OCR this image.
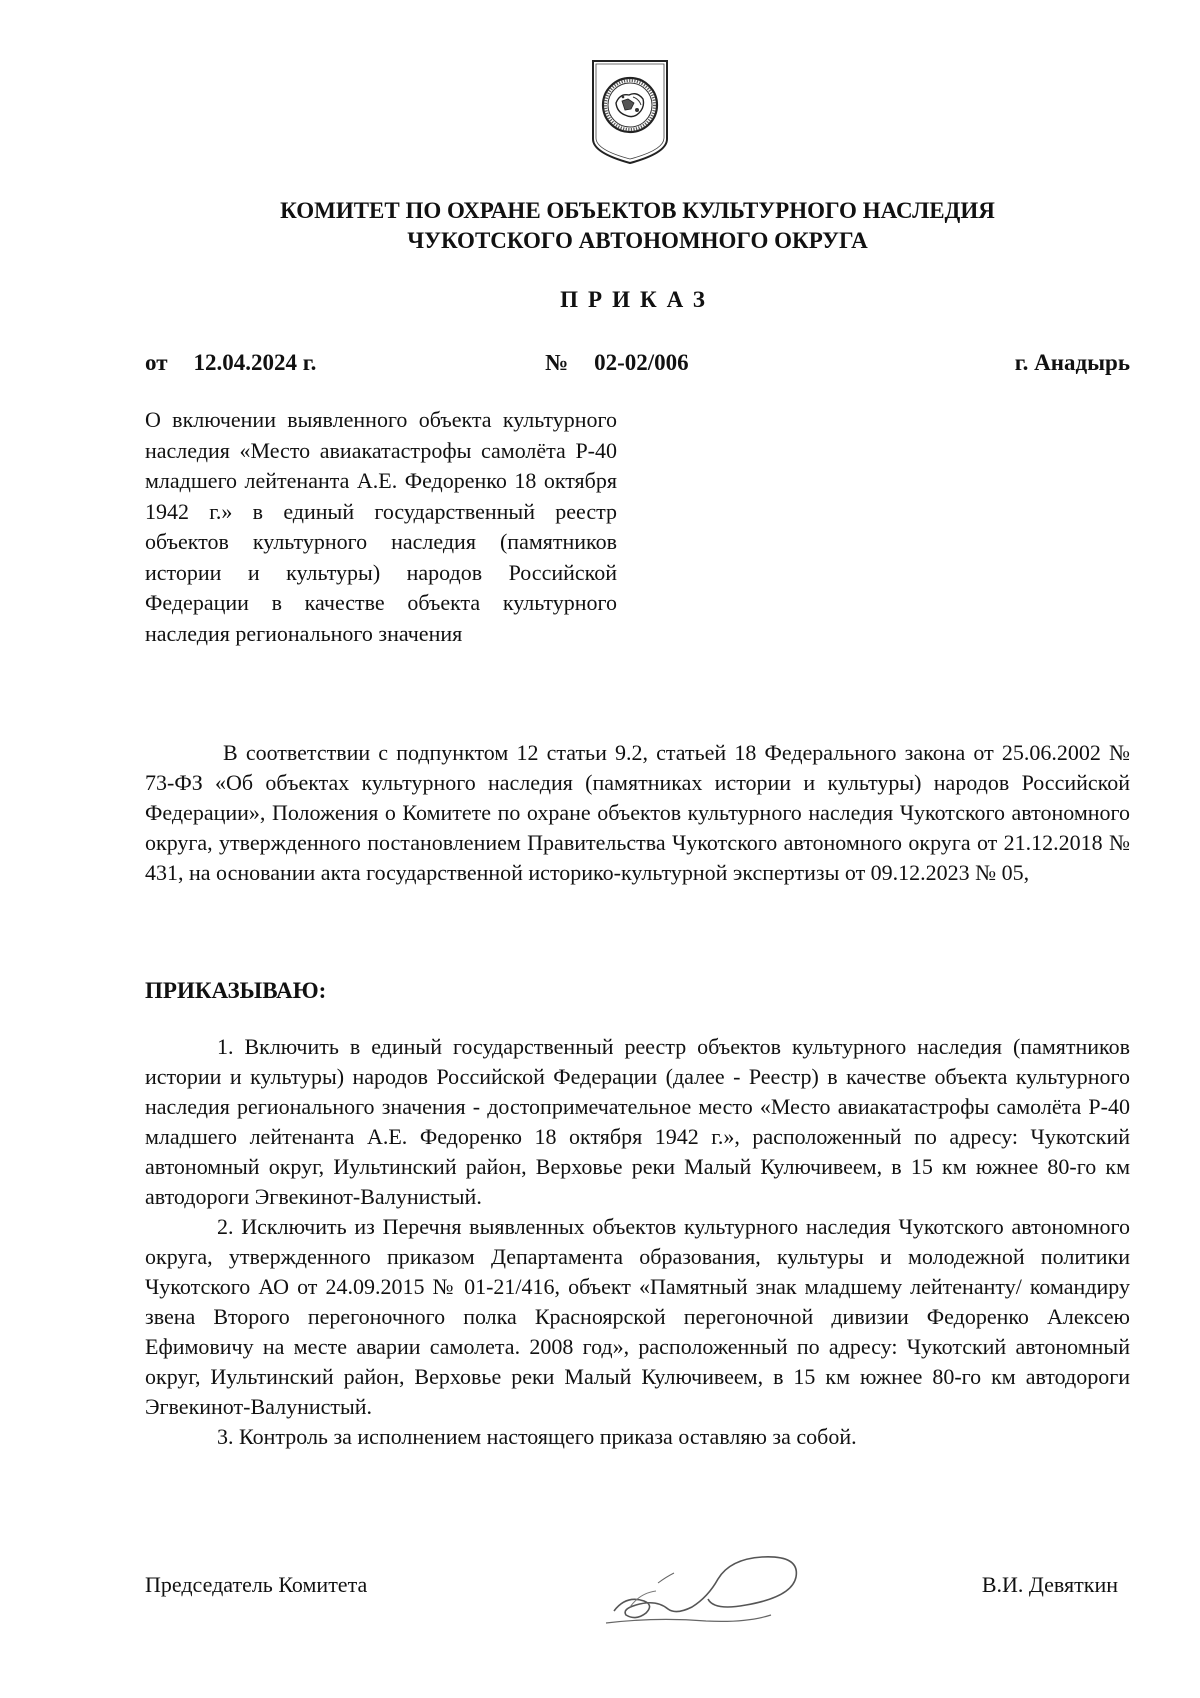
КОМИТЕТ ПО ОХРАНЕ ОБЪЕКТОВ КУЛЬТУРНОГО НАСЛЕДИЯ
ЧУКОТСКОГО АВТОНОМНОГО ОКРУГА
ПРИКАЗ
от 12.04.2024 г.	№ 02-02/006	г. Анадырь
О включении выявленного объекта культурного наследия «Место авиакатастрофы самолёта Р-40 младшего лейтенанта А.Е. Федоренко 18 октября 1942 г.» в единый государственный реестр объектов культурного наследия (памятников истории и культуры) народов Российской Федерации в качестве объекта культурного наследия регионального значения
В соответствии с подпунктом 12 статьи 9.2, статьей 18 Федерального закона от 25.06.2002 № 73-ФЗ «Об объектах культурного наследия (памятниках истории и культуры) народов Российской Федерации», Положения о Комитете по охране объектов культурного наследия Чукотского автономного округа, утвержденного постановлением Правительства Чукотского автономного округа от 21.12.2018 № 431, на основании акта государственной историко-культурной экспертизы от 09.12.2023 № 05,
ПРИКАЗЫВАЮ:

1. Включить в единый государственный реестр объектов культурного наследия (памятников истории и культуры) народов Российской Федерации (далее - Реестр) в качестве объекта культурного наследия регионального значения - достопримечательное место «Место авиакатастрофы самолёта Р-40 младшего лейтенанта А.Е. Федоренко 18 октября 1942 г.», расположенный по адресу: Чукотский автономный округ, Иультинский район, Верховье реки Малый Кулючивеем, в 15 км южнее 80-го км автодороги Эгвекинот-Валунистый.

2. Исключить из Перечня выявленных объектов культурного наследия Чукотского автономного округа, утвержденного приказом Департамента образования, культуры и молодежной политики Чукотского АО от 24.09.2015 № 01-21/416, объект «Памятный знак младшему лейтенанту/ командиру звена Второго перегоночного полка Красноярской перегоночной дивизии Федоренко Алексею Ефимовичу на месте аварии самолета. 2008 год», расположенный по адресу: Чукотский автономный округ, Иультинский район, Верховье реки Малый Кулючивеем, в 15 км южнее 80-го км автодороги Эгвекинот-Валунистый.

3. Контроль за исполнением настоящего приказа оставляю за собой.

Председатель Комитета	В.И. Девяткин
